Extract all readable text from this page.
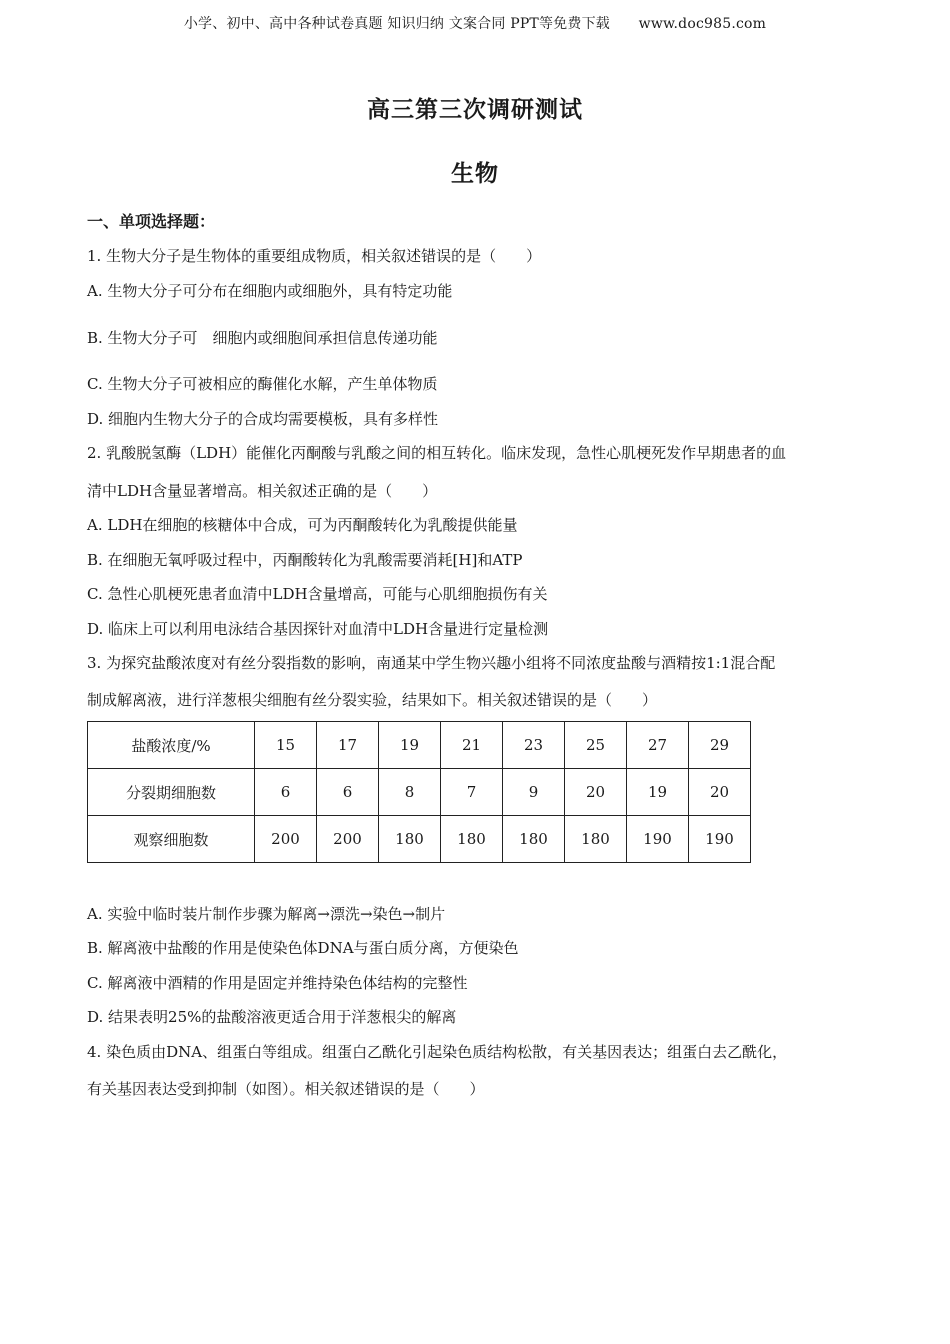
小学、初中、高中各种试卷真题 知识归纳 文案合同 PPT等免费下载 www.doc985.com
高三第三次调研测试
生物
一、单项选择题：
1. 生物大分子是生物体的重要组成物质，相关叙述错误的是（　　）
A. 生物大分子可分布在细胞内或细胞外，具有特定功能
B. 生物大分子可　细胞内或细胞间承担信息传递功能
C. 生物大分子可被相应的酶催化水解，产生单体物质
D. 细胞内生物大分子的合成均需要模板，具有多样性
2. 乳酸脱氢酶（LDH）能催化丙酮酸与乳酸之间的相互转化。临床发现，急性心肌梗死发作早期患者的血
清中LDH含量显著增高。相关叙述正确的是（　　）
A. LDH在细胞的核糖体中合成，可为丙酮酸转化为乳酸提供能量
B. 在细胞无氧呼吸过程中，丙酮酸转化为乳酸需要消耗[H]和ATP
C. 急性心肌梗死患者血清中LDH含量增高，可能与心肌细胞损伤有关
D. 临床上可以利用电泳结合基因探针对血清中LDH含量进行定量检测
3. 为探究盐酸浓度对有丝分裂指数的影响，南通某中学生物兴趣小组将不同浓度盐酸与酒精按1:1混合配
制成解离液，进行洋葱根尖细胞有丝分裂实验，结果如下。相关叙述错误的是（　　）
盐酸浓度/%	15	17	19	21	23	25	27	29
分裂期细胞数	6	6	8	7	9	20	19	20
观察细胞数	200	200	180	180	180	180	190	190
A. 实验中临时装片制作步骤为解离→漂洗→染色→制片
B. 解离液中盐酸的作用是使染色体DNA与蛋白质分离，方便染色
C. 解离液中酒精的作用是固定并维持染色体结构的完整性
D. 结果表明25%的盐酸溶液更适合用于洋葱根尖的解离
4. 染色质由DNA、组蛋白等组成。组蛋白乙酰化引起染色质结构松散，有关基因表达；组蛋白去乙酰化，
有关基因表达受到抑制（如图）。相关叙述错误的是（　　）
